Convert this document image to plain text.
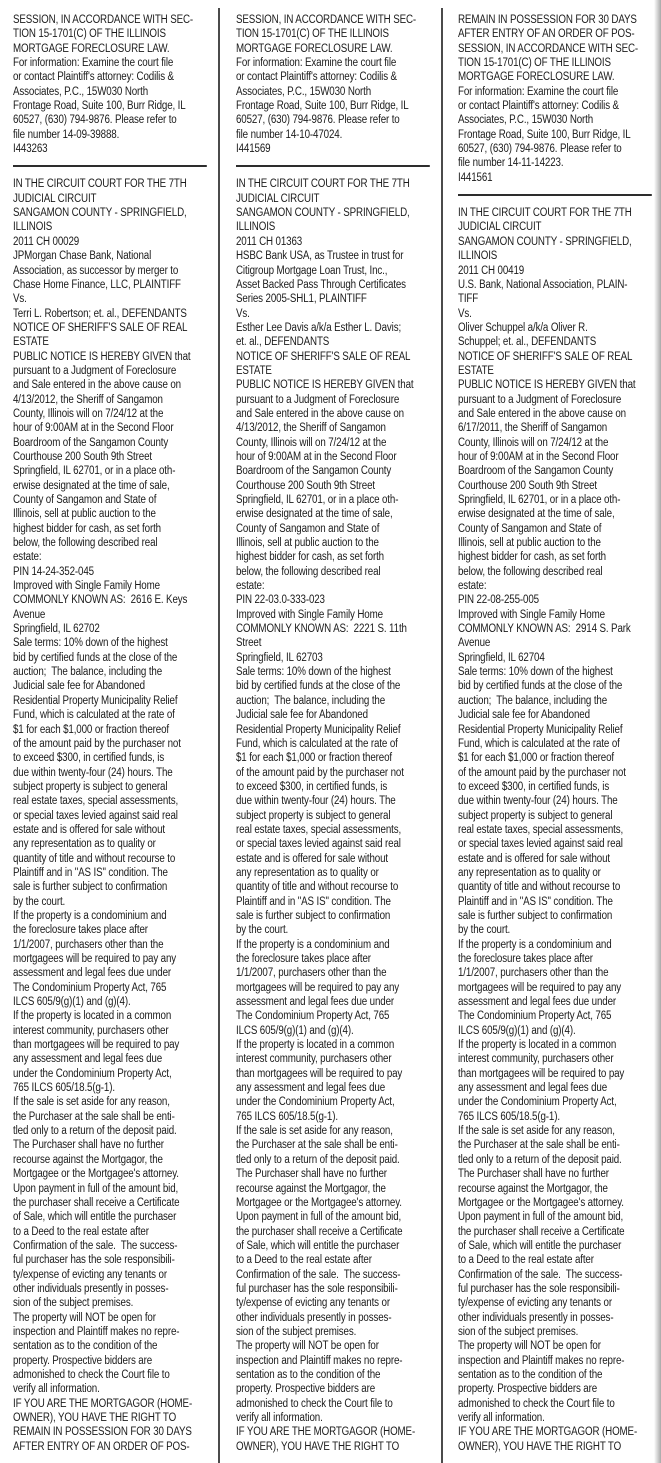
SESSION, IN ACCORDANCE WITH SEC-
TION 15-1701(C) OF THE ILLINOIS
MORTGAGE FORECLOSURE LAW.
For information: Examine the court file
or contact Plaintiff's attorney: Codilis &
Associates, P.C., 15W030 North
Frontage Road, Suite 100, Burr Ridge, IL
60527, (630) 794-9876. Please refer to
file number 14-09-39888.
I443263
IN THE CIRCUIT COURT FOR THE 7TH
JUDICIAL CIRCUIT
SANGAMON COUNTY - SPRINGFIELD,
ILLINOIS
2011 CH 00029
JPMorgan Chase Bank, National
Association, as successor by merger to
Chase Home Finance, LLC, PLAINTIFF
Vs.
Terri L. Robertson; et. al., DEFENDANTS
NOTICE OF SHERIFF'S SALE OF REAL
ESTATE
PUBLIC NOTICE IS HEREBY GIVEN that
pursuant to a Judgment of Foreclosure
and Sale entered in the above cause on
4/13/2012, the Sheriff of Sangamon
County, Illinois will on 7/24/12 at the
hour of 9:00AM at in the Second Floor
Boardroom of the Sangamon County
Courthouse 200 South 9th Street
Springfield, IL 62701, or in a place oth-
erwise designated at the time of sale,
County of Sangamon and State of
Illinois, sell at public auction to the
highest bidder for cash, as set forth
below, the following described real
estate:
PIN 14-24-352-045
Improved with Single Family Home
COMMONLY KNOWN AS:  2616 E. Keys
Avenue
Springfield, IL 62702
Sale terms: 10% down of the highest
bid by certified funds at the close of the
auction;  The balance, including the
Judicial sale fee for Abandoned
Residential Property Municipality Relief
Fund, which is calculated at the rate of
$1 for each $1,000 or fraction thereof
of the amount paid by the purchaser not
to exceed $300, in certified funds, is
due within twenty-four (24) hours. The
subject property is subject to general
real estate taxes, special assessments,
or special taxes levied against said real
estate and is offered for sale without
any representation as to quality or
quantity of title and without recourse to
Plaintiff and in "AS IS" condition. The
sale is further subject to confirmation
by the court.
If the property is a condominium and
the foreclosure takes place after
1/1/2007, purchasers other than the
mortgagees will be required to pay any
assessment and legal fees due under
The Condominium Property Act, 765
ILCS 605/9(g)(1) and (g)(4).
If the property is located in a common
interest community, purchasers other
than mortgagees will be required to pay
any assessment and legal fees due
under the Condominium Property Act,
765 ILCS 605/18.5(g-1).
If the sale is set aside for any reason,
the Purchaser at the sale shall be enti-
tled only to a return of the deposit paid.
The Purchaser shall have no further
recourse against the Mortgagor, the
Mortgagee or the Mortgagee's attorney.
Upon payment in full of the amount bid,
the purchaser shall receive a Certificate
of Sale, which will entitle the purchaser
to a Deed to the real estate after
Confirmation of the sale.  The success-
ful purchaser has the sole responsibili-
ty/expense of evicting any tenants or
other individuals presently in posses-
sion of the subject premises.
The property will NOT be open for
inspection and Plaintiff makes no repre-
sentation as to the condition of the
property. Prospective bidders are
admonished to check the Court file to
verify all information.
IF YOU ARE THE MORTGAGOR (HOME-
OWNER), YOU HAVE THE RIGHT TO
REMAIN IN POSSESSION FOR 30 DAYS
AFTER ENTRY OF AN ORDER OF POS-
SESSION, IN ACCORDANCE WITH SEC-
TION 15-1701(C) OF THE ILLINOIS
MORTGAGE FORECLOSURE LAW.
For information: Examine the court file
or contact Plaintiff's attorney: Codilis &
Associates, P.C., 15W030 North
Frontage Road, Suite 100, Burr Ridge, IL
60527, (630) 794-9876. Please refer to
file number 14-10-47024.
I441569
IN THE CIRCUIT COURT FOR THE 7TH
JUDICIAL CIRCUIT
SANGAMON COUNTY - SPRINGFIELD,
ILLINOIS
2011 CH 01363
HSBC Bank USA, as Trustee in trust for
Citigroup Mortgage Loan Trust, Inc.,
Asset Backed Pass Through Certificates
Series 2005-SHL1, PLAINTIFF
Vs.
Esther Lee Davis a/k/a Esther L. Davis;
et. al., DEFENDANTS
NOTICE OF SHERIFF'S SALE OF REAL
ESTATE
PUBLIC NOTICE IS HEREBY GIVEN that
pursuant to a Judgment of Foreclosure
and Sale entered in the above cause on
4/13/2012, the Sheriff of Sangamon
County, Illinois will on 7/24/12 at the
hour of 9:00AM at in the Second Floor
Boardroom of the Sangamon County
Courthouse 200 South 9th Street
Springfield, IL 62701, or in a place oth-
erwise designated at the time of sale,
County of Sangamon and State of
Illinois, sell at public auction to the
highest bidder for cash, as set forth
below, the following described real
estate:
PIN 22-03.0-333-023
Improved with Single Family Home
COMMONLY KNOWN AS:  2221 S. 11th
Street
Springfield, IL 62703
Sale terms: 10% down of the highest
bid by certified funds at the close of the
auction;  The balance, including the
Judicial sale fee for Abandoned
Residential Property Municipality Relief
Fund, which is calculated at the rate of
$1 for each $1,000 or fraction thereof
of the amount paid by the purchaser not
to exceed $300, in certified funds, is
due within twenty-four (24) hours. The
subject property is subject to general
real estate taxes, special assessments,
or special taxes levied against said real
estate and is offered for sale without
any representation as to quality or
quantity of title and without recourse to
Plaintiff and in "AS IS" condition. The
sale is further subject to confirmation
by the court.
If the property is a condominium and
the foreclosure takes place after
1/1/2007, purchasers other than the
mortgagees will be required to pay any
assessment and legal fees due under
The Condominium Property Act, 765
ILCS 605/9(g)(1) and (g)(4).
If the property is located in a common
interest community, purchasers other
than mortgagees will be required to pay
any assessment and legal fees due
under the Condominium Property Act,
765 ILCS 605/18.5(g-1).
If the sale is set aside for any reason,
the Purchaser at the sale shall be enti-
tled only to a return of the deposit paid.
The Purchaser shall have no further
recourse against the Mortgagor, the
Mortgagee or the Mortgagee's attorney.
Upon payment in full of the amount bid,
the purchaser shall receive a Certificate
of Sale, which will entitle the purchaser
to a Deed to the real estate after
Confirmation of the sale.  The success-
ful purchaser has the sole responsibili-
ty/expense of evicting any tenants or
other individuals presently in posses-
sion of the subject premises.
The property will NOT be open for
inspection and Plaintiff makes no repre-
sentation as to the condition of the
property. Prospective bidders are
admonished to check the Court file to
verify all information.
IF YOU ARE THE MORTGAGOR (HOME-
OWNER), YOU HAVE THE RIGHT TO
REMAIN IN POSSESSION FOR 30 DAYS
AFTER ENTRY OF AN ORDER OF POS-
SESSION, IN ACCORDANCE WITH SEC-
TION 15-1701(C) OF THE ILLINOIS
MORTGAGE FORECLOSURE LAW.
For information: Examine the court file
or contact Plaintiff's attorney: Codilis &
Associates, P.C., 15W030 North
Frontage Road, Suite 100, Burr Ridge, IL
60527, (630) 794-9876. Please refer to
file number 14-11-14223.
I441561
IN THE CIRCUIT COURT FOR THE 7TH
JUDICIAL CIRCUIT
SANGAMON COUNTY - SPRINGFIELD,
ILLINOIS
2011 CH 00419
U.S. Bank, National Association, PLAIN-
TIFF
Vs.
Oliver Schuppel a/k/a Oliver R.
Schuppel; et. al., DEFENDANTS
NOTICE OF SHERIFF'S SALE OF REAL
ESTATE
PUBLIC NOTICE IS HEREBY GIVEN that
pursuant to a Judgment of Foreclosure
and Sale entered in the above cause on
6/17/2011, the Sheriff of Sangamon
County, Illinois will on 7/24/12 at the
hour of 9:00AM at in the Second Floor
Boardroom of the Sangamon County
Courthouse 200 South 9th Street
Springfield, IL 62701, or in a place oth-
erwise designated at the time of sale,
County of Sangamon and State of
Illinois, sell at public auction to the
highest bidder for cash, as set forth
below, the following described real
estate:
PIN 22-08-255-005
Improved with Single Family Home
COMMONLY KNOWN AS:  2914 S. Park
Avenue
Springfield, IL 62704
Sale terms: 10% down of the highest
bid by certified funds at the close of the
auction;  The balance, including the
Judicial sale fee for Abandoned
Residential Property Municipality Relief
Fund, which is calculated at the rate of
$1 for each $1,000 or fraction thereof
of the amount paid by the purchaser not
to exceed $300, in certified funds, is
due within twenty-four (24) hours. The
subject property is subject to general
real estate taxes, special assessments,
or special taxes levied against said real
estate and is offered for sale without
any representation as to quality or
quantity of title and without recourse to
Plaintiff and in "AS IS" condition. The
sale is further subject to confirmation
by the court.
If the property is a condominium and
the foreclosure takes place after
1/1/2007, purchasers other than the
mortgagees will be required to pay any
assessment and legal fees due under
The Condominium Property Act, 765
ILCS 605/9(g)(1) and (g)(4).
If the property is located in a common
interest community, purchasers other
than mortgagees will be required to pay
any assessment and legal fees due
under the Condominium Property Act,
765 ILCS 605/18.5(g-1).
If the sale is set aside for any reason,
the Purchaser at the sale shall be enti-
tled only to a return of the deposit paid.
The Purchaser shall have no further
recourse against the Mortgagor, the
Mortgagee or the Mortgagee's attorney.
Upon payment in full of the amount bid,
the purchaser shall receive a Certificate
of Sale, which will entitle the purchaser
to a Deed to the real estate after
Confirmation of the sale.  The success-
ful purchaser has the sole responsibili-
ty/expense of evicting any tenants or
other individuals presently in posses-
sion of the subject premises.
The property will NOT be open for
inspection and Plaintiff makes no repre-
sentation as to the condition of the
property. Prospective bidders are
admonished to check the Court file to
verify all information.
IF YOU ARE THE MORTGAGOR (HOME-
OWNER), YOU HAVE THE RIGHT TO
